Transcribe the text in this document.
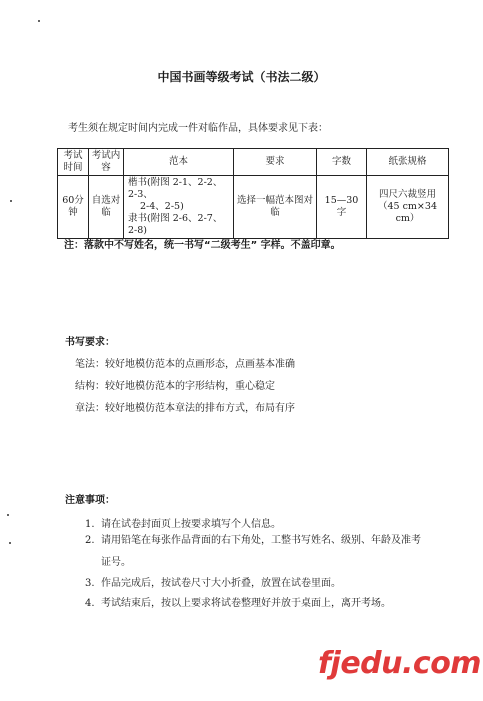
中国书画等级考试（书法二级）
考生须在规定时间内完成一件对临作品，具体要求见下表：
考试时间	考试内容	范本	要求	字数	纸张规格
60分钟	自选对临	楷书(附图 2-1、2-2、2-3、
2-4、2-5)
隶书(附图 2-6、2-7、2-8)	选择一幅范本图对临	15—30 字	四尺六裁竖用
（45 cm×34 cm）
注：落款中不写姓名，统一书写“二级考生” 字样。不盖印章。
书写要求：
笔法：较好地模仿范本的点画形态，点画基本准确
结构：较好地模仿范本的字形结构，重心稳定
章法：较好地模仿范本章法的排布方式，布局有序
注意事项：
1. 请在试卷封面页上按要求填写个人信息。
2. 请用铅笔在每张作品背面的右下角处，工整书写姓名、级别、年龄及准考
证号。
3. 作品完成后，按试卷尺寸大小折叠，放置在试卷里面。
4. 考试结束后，按以上要求将试卷整理好并放于桌面上，离开考场。
fjedu.com
